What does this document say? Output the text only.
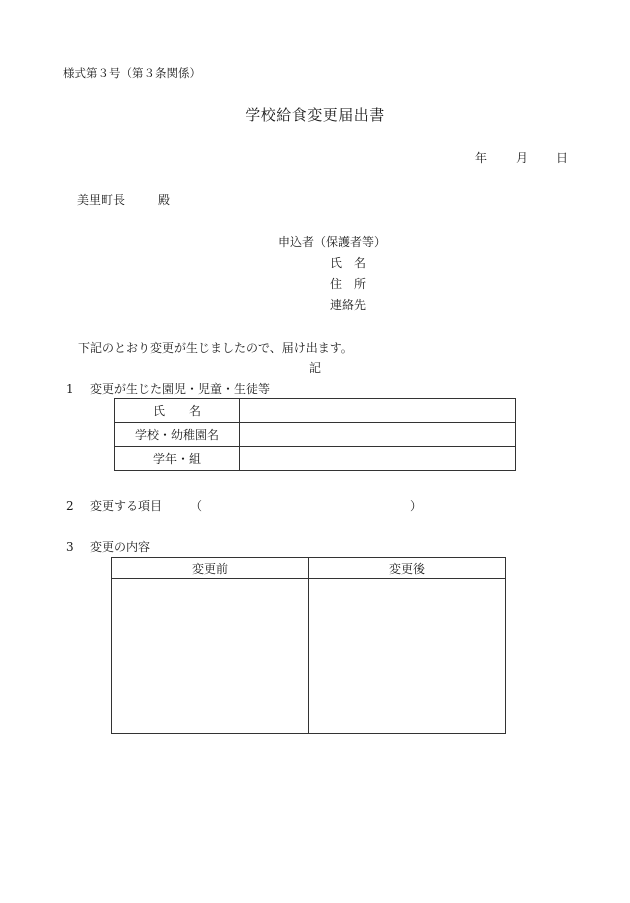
様式第３号（第３条関係）
学校給食変更届出書
年 月 日
美里町長	殿
申込者（保護者等）
氏　名
住　所
連絡先
下記のとおり変更が生じましたので、届け出ます。
記
1 変更が生じた園児・児童・生徒等
氏　　名	
学校・幼稚園名	
学年・組	
2 変更する項目 （	）
3 変更の内容
変更前	変更後
